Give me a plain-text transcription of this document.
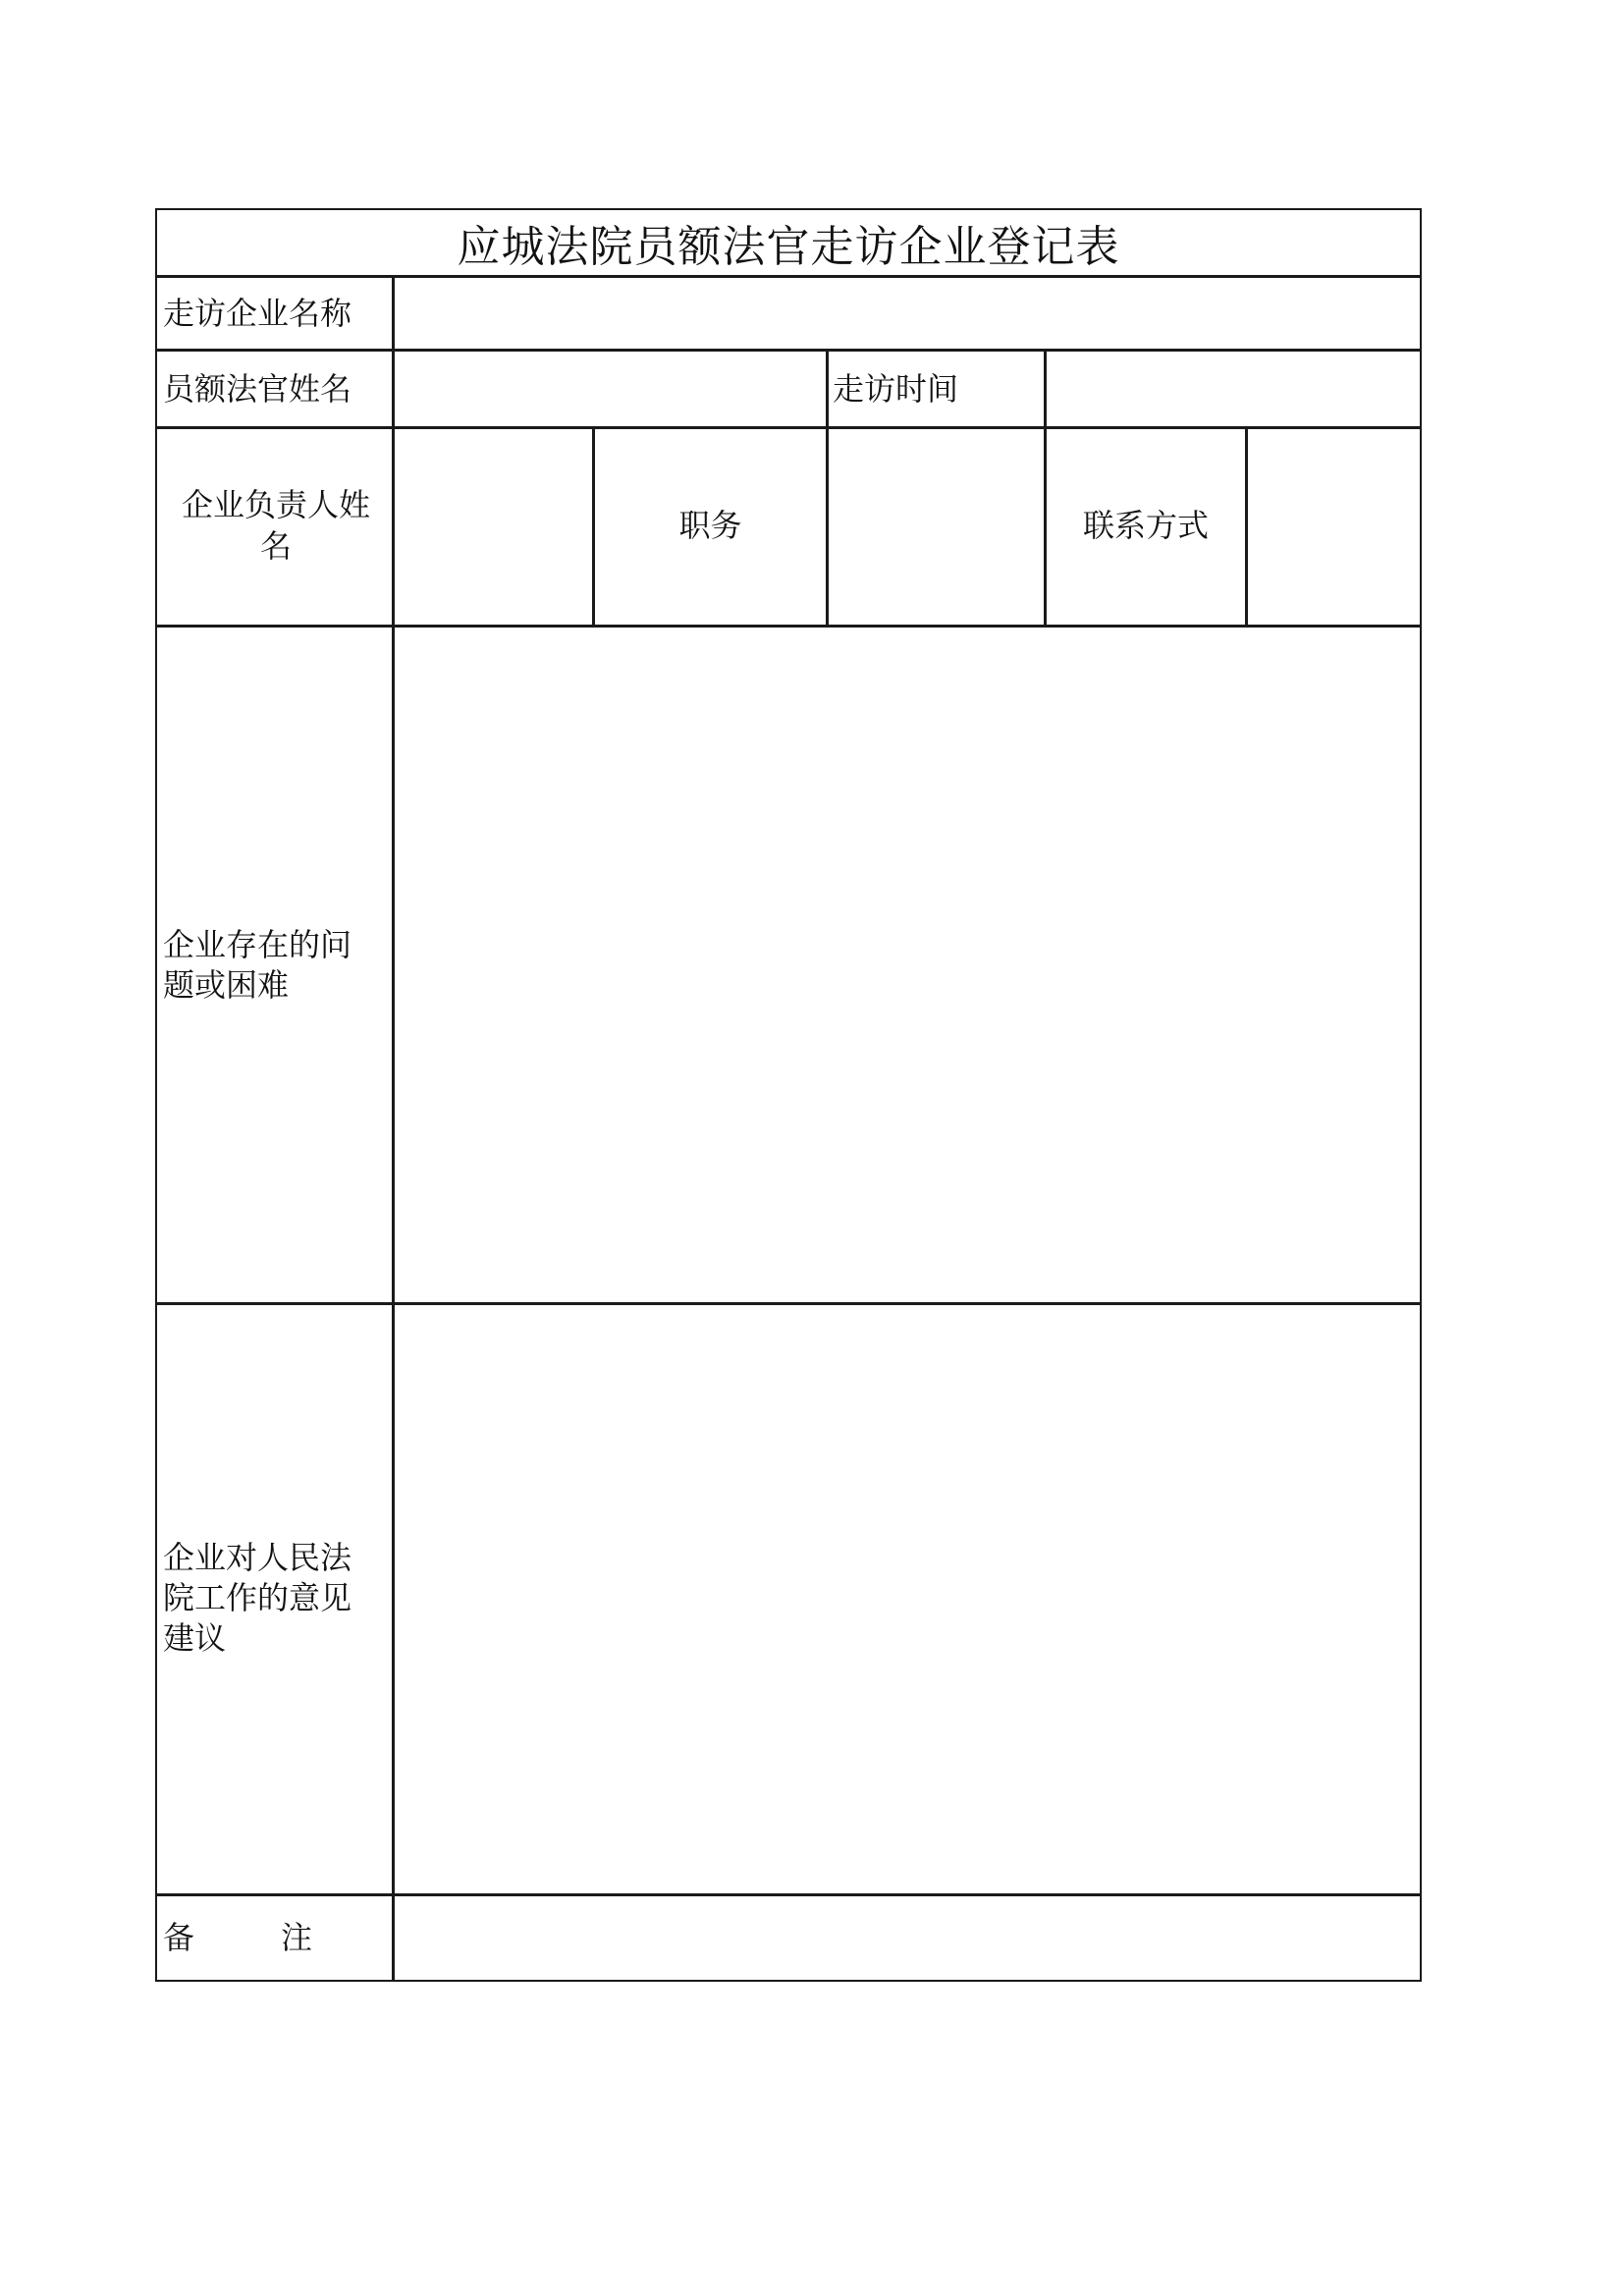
应城法院员额法官走访企业登记表
走访企业名称
员额法官姓名	走访时间
企业负责人姓名
职务	联系方式
企业存在的问题或困难
企业对人民法院工作的意见建议
备　　注
